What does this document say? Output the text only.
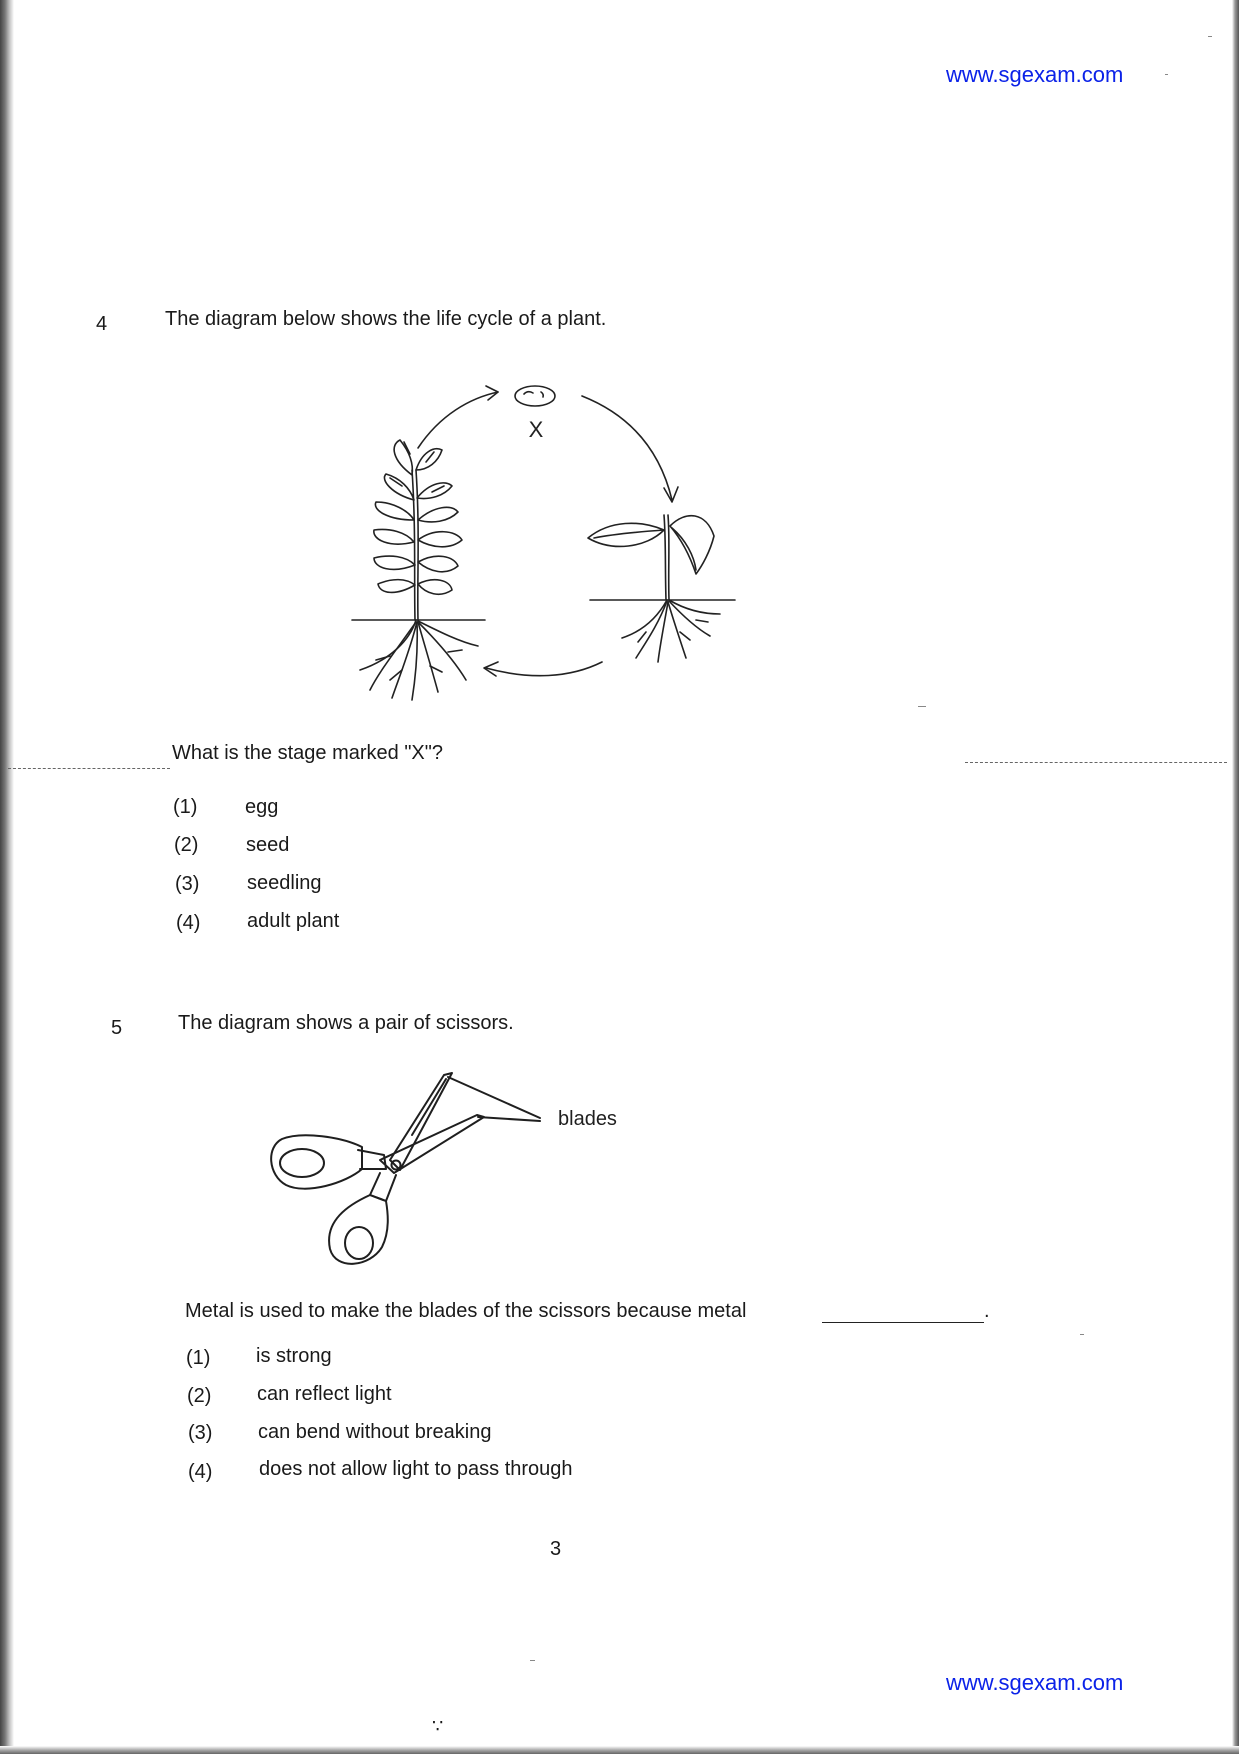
www.sgexam.com
4	The diagram below shows the life cycle of a plant.
X
What is the stage marked "X"?
(1) egg
(2) seed
(3) seedling
(4) adult plant
5	The diagram shows a pair of scissors.
blades
Metal is used to make the blades of the scissors because metal	.
(1) is strong
(2) can reflect light
(3) can bend without breaking
(4) does not allow light to pass through
3
www.sgexam.com
∵
